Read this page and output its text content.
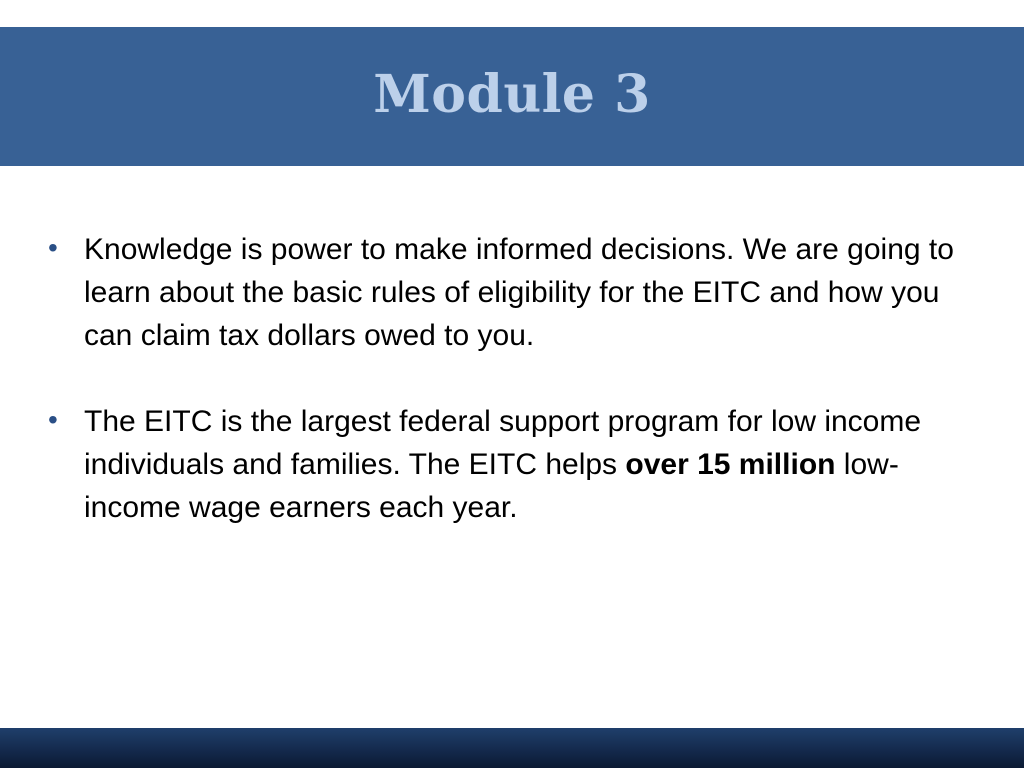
Module 3
• Knowledge is power to make informed decisions. We are going to learn about the basic rules of eligibility for the EITC and how you can claim tax dollars owed to you.
• The EITC is the largest federal support program for low income individuals and families. The EITC helps over 15 million low-income wage earners each year.
